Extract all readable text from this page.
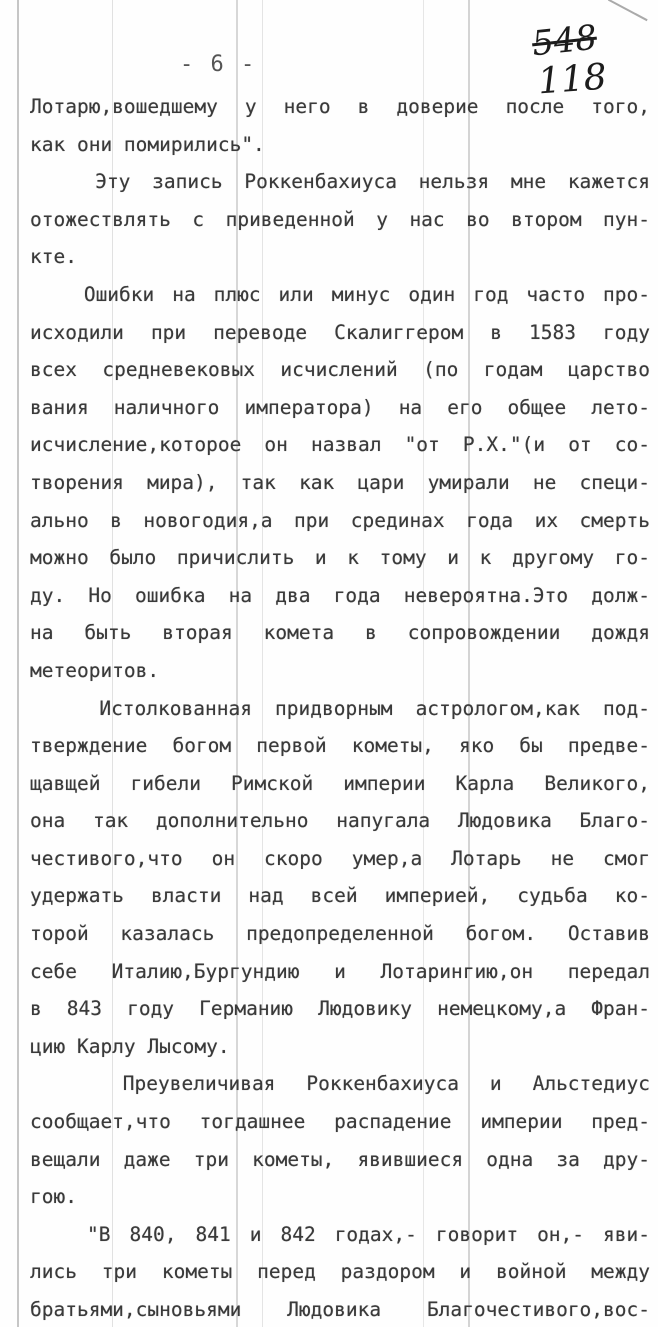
- 6 -
548
118
Лотарю,вошедшему у него в доверие после того,
как они помирились".
Эту запись Роккенбахиуса нельзя мне кажется
отожествлять с приведенной у нас во втором пун-
кте.
Ошибки на плюс или минус один год часто про-
исходили при переводе Скалиггером в 1583 году
всех средневековых исчислений (по годам царство
вания наличного императора) на его общее лето-
исчисление,которое он назвал "от Р.Х."(и от со-
творения мира), так как цари умирали не специ-
ально в новогодия,а при срединах года их смерть
можно было причислить и к тому и к другому го-
ду. Но ошибка на два года невероятна.Это долж-
на быть вторая комета в сопровождении дождя
метеоритов.
Истолкованная придворным астрологом,как под-
тверждение богом первой кометы, яко бы предве-
щавщей гибели Римской империи Карла Великого,
она так дополнительно напугала Людовика Благо-
честивого,что он скоро умер,а Лотарь не смог
удержать власти над всей империей, судьба ко-
торой казалась предопределенной богом. Оставив
себе Италию,Бургундию и Лотарингию,он передал
в 843 году Германию Людовику немецкому,а Фран-
цию Карлу Лысому.
Преувеличивая Роккенбахиуса и Альстедиус
сообщает,что тогдашнее распадение империи пред-
вещали даже три кометы, явившиеся одна за дру-
гою.
"В 840, 841 и 842 годах,- говорит он,- яви-
лись три кометы перед раздором и войной между
братьями,сыновьями Людовика Благочестивого,вос-
